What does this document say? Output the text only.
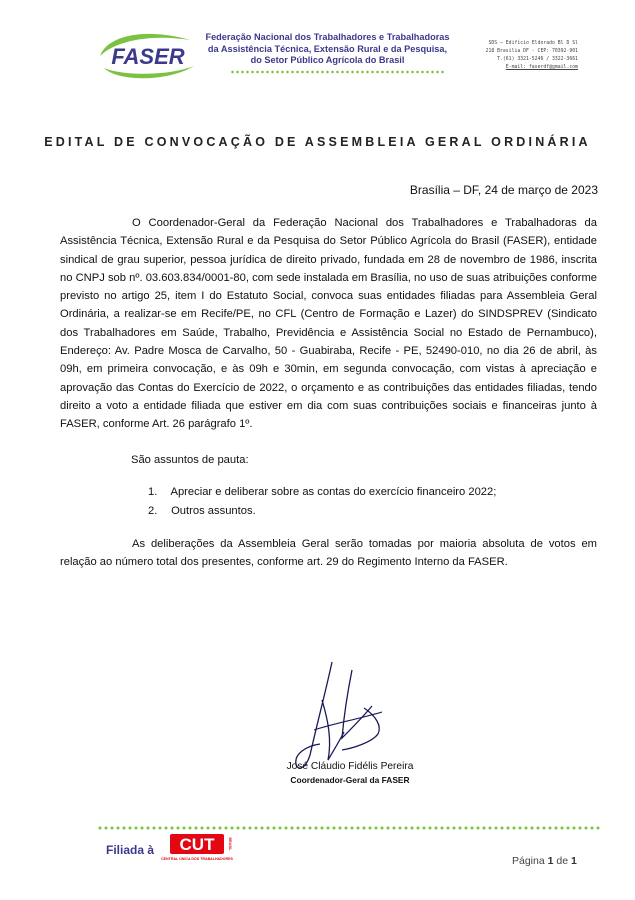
FASER
Federação Nacional dos Trabalhadores e Trabalhadoras
da Assistência Técnica, Extensão Rural e da Pesquisa,
do Setor Público Agrícola do Brasil
SDS – Edifício Eldorado Bl D Sl
218 Brasília DF - CEP: 70392-901
T.(61) 3321-5246 / 3322-3661
E-mail: faserdf@gmail.com
EDITAL DE CONVOCAÇÃO DE ASSEMBLEIA GERAL ORDINÁRIA
Brasília – DF, 24 de março de 2023
O Coordenador-Geral da Federação Nacional dos Trabalhadores e Trabalhadoras da Assistência Técnica, Extensão Rural e da Pesquisa do Setor Público Agrícola do Brasil (FASER), entidade sindical de grau superior, pessoa jurídica de direito privado, fundada em 28 de novembro de 1986, inscrita no CNPJ sob nº. 03.603.834/0001-80, com sede instalada em Brasília, no uso de suas atribuições conforme previsto no artigo 25, item I do Estatuto Social, convoca suas entidades filiadas para Assembleia Geral Ordinária, a realizar-se em Recife/PE, no CFL (Centro de Formação e Lazer) do SINDSPREV (Sindicato dos Trabalhadores em Saúde, Trabalho, Previdência e Assistência Social no Estado de Pernambuco), Endereço: Av. Padre Mosca de Carvalho, 50 - Guabiraba, Recife - PE, 52490-010, no dia 26 de abril, às 09h, em primeira convocação, e às 09h e 30min, em segunda convocação, com vistas à apreciação e aprovação das Contas do Exercício de 2022, o orçamento e as contribuições das entidades filiadas, tendo direito a voto a entidade filiada que estiver em dia com suas contribuições sociais e financeiras junto à FASER, conforme Art. 26 parágrafo 1º.
São assuntos de pauta:
1. Apreciar e deliberar sobre as contas do exercício financeiro 2022;
2. Outros assuntos.
As deliberações da Assembleia Geral serão tomadas por maioria absoluta de votos em relação ao número total dos presentes, conforme art. 29 do Regimento Interno da FASER.
José Cláudio Fidélis Pereira
Coordenador-Geral da FASER
Filiada à CUT
CENTRAL ÚNICA DOS TRABALHADORES
BRASIL
Página 1 de 1
